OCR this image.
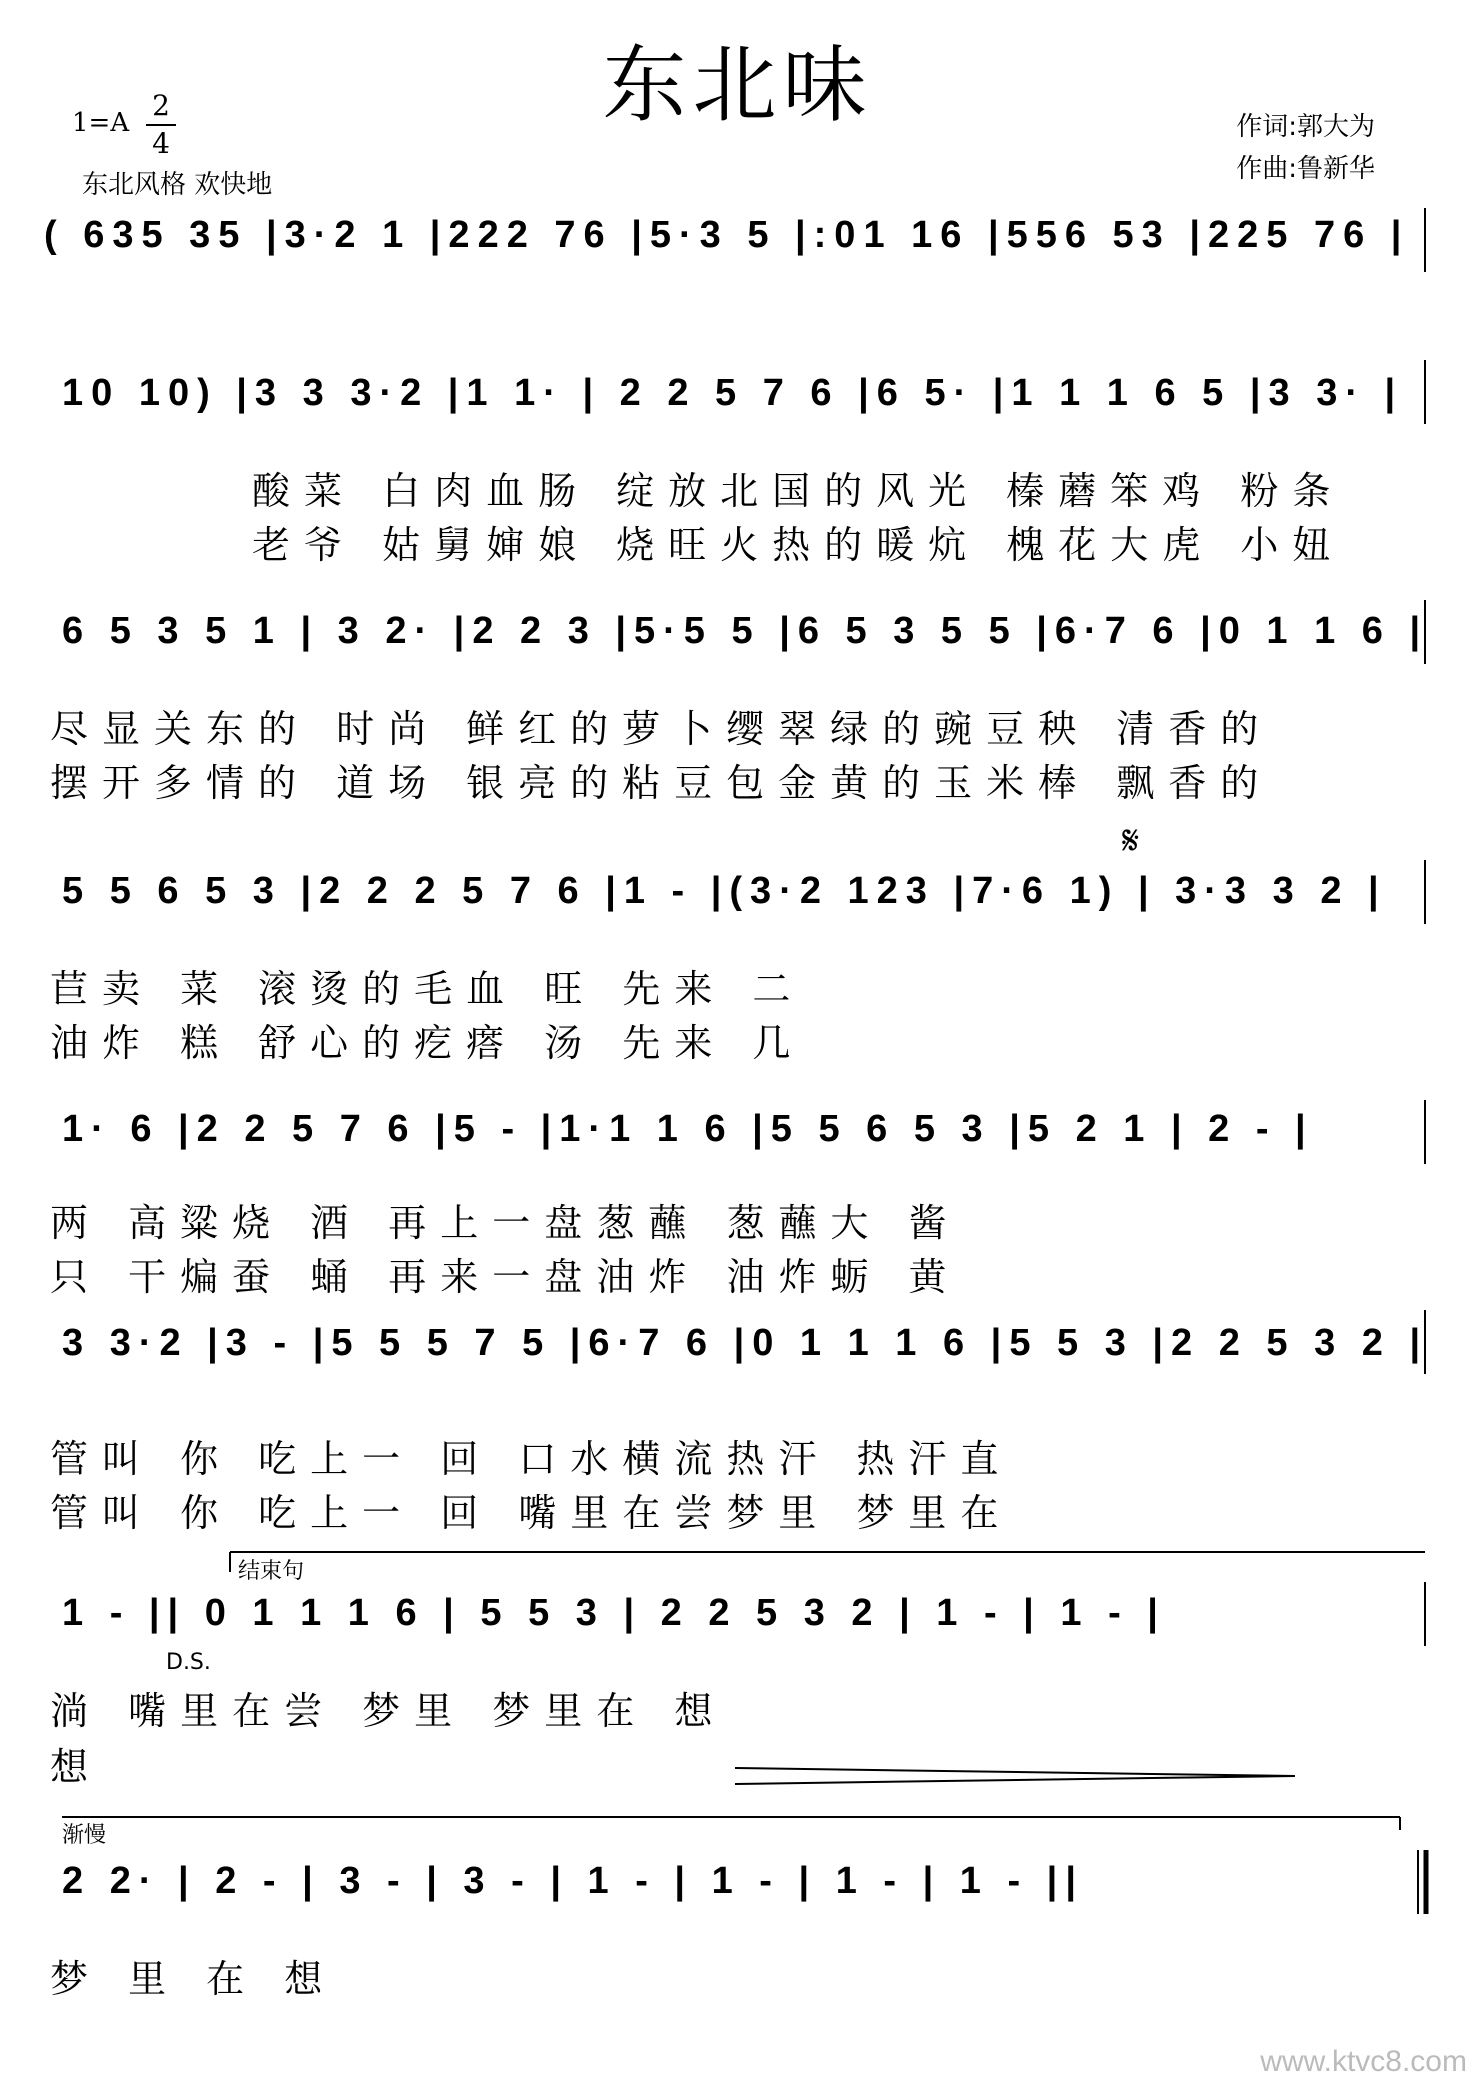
东北味
1=A
2
4
东北风格 欢快地
作词:郭大为
作曲:鲁新华
( 635 35 |3·2 1 |222 76 |5·3 5 |:01 16 |556 53 |225 76 |
10 10) |3 3 3·2 |1 1· | 2 2 5 7 6 |6 5· |1 1 1 6 5 |3 3· |
酸菜 白肉血肠 绽放北国的风光 榛蘑笨鸡 粉条
老爷 姑舅婶娘 烧旺火热的暖炕 槐花大虎 小妞
6 5 3 5 1 | 3 2· |2 2 3 |5·5 5 |6 5 3 5 5 |6·7 6 |0 1 1 6 |
尽显关东的 时尚 鲜红的萝卜缨翠绿的豌豆秧 清香的
摆开多情的 道场 银亮的粘豆包金黄的玉米棒 飘香的
𝄋
5 5 6 5 3 |2 2 2 5 7 6 |1 - |(3·2 123 |7·6 1) | 3·3 3 2 |
苣卖 菜 滚烫的毛血 旺 先来 二
油炸 糕 舒心的疙瘩 汤 先来 几
1· 6 |2 2 5 7 6 |5 - |1·1 1 6 |5 5 6 5 3 |5 2 1 | 2 - |
两 高粱烧 酒 再上一盘葱蘸 葱蘸大 酱
只 干煸蚕 蛹 再来一盘油炸 油炸蛎 黄
3 3·2 |3 - |5 5 5 7 5 |6·7 6 |0 1 1 1 6 |5 5 3 |2 2 5 3 2 |
管叫 你 吃上一 回 口水横流热汗 热汗直
管叫 你 吃上一 回 嘴里在尝梦里 梦里在
结束句
1 - || 0 1 1 1 6 | 5 5 3 | 2 2 5 3 2 | 1 - | 1 - |
D.S.
淌 嘴里在尝 梦里 梦里在 想
想
渐慢
2 2· | 2 - | 3 - | 3 - | 1 - | 1 - | 1 - | 1 - ||
梦 里 在 想
www.ktvc8.com
